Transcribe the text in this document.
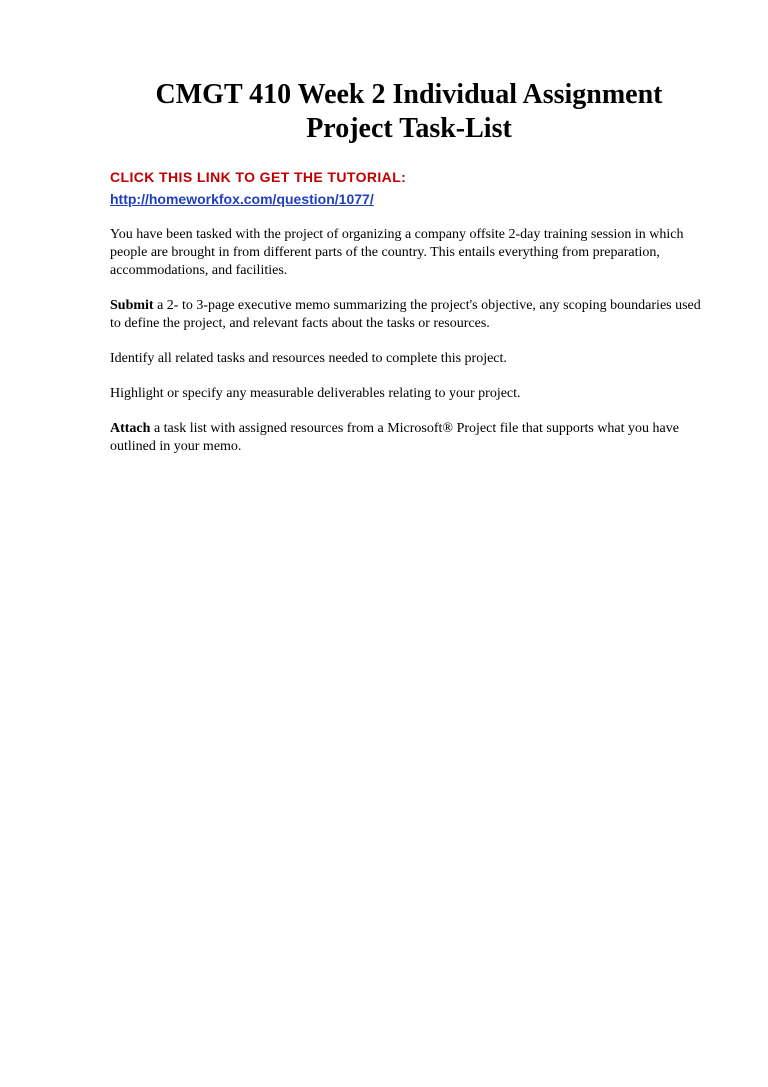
CMGT 410 Week 2 Individual Assignment
Project Task-List

CLICK THIS LINK TO GET THE TUTORIAL:

http://homeworkfox.com/question/1077/

You have been tasked with the project of organizing a company offsite 2-day training session in which people are brought in from different parts of the country. This entails everything from preparation, accommodations, and facilities.

Submit a 2- to 3-page executive memo summarizing the project's objective, any scoping boundaries used to define the project, and relevant facts about the tasks or resources.

Identify all related tasks and resources needed to complete this project.

Highlight or specify any measurable deliverables relating to your project.

Attach a task list with assigned resources from a Microsoft® Project file that supports what you have outlined in your memo.
